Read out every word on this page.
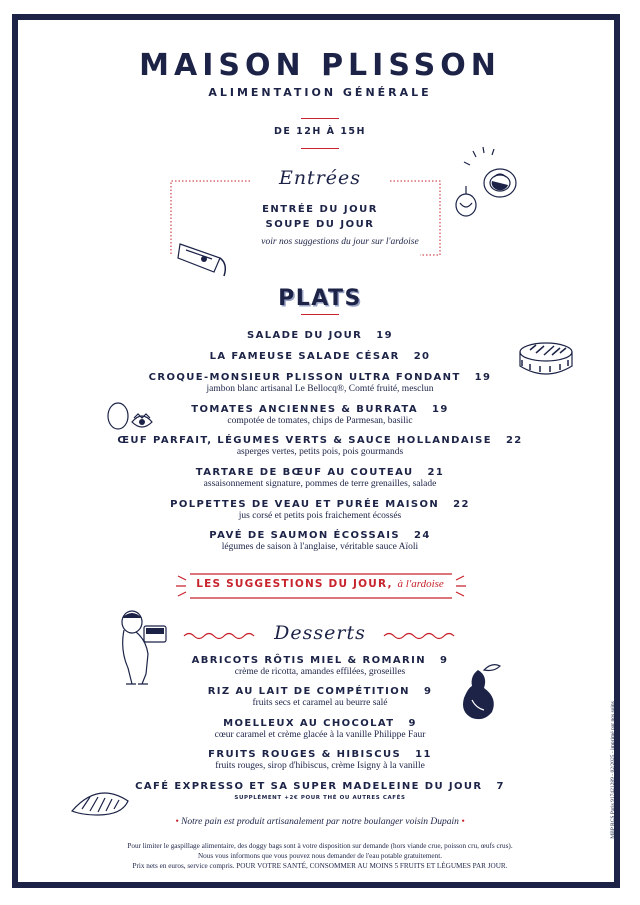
MAISON PLISSON
ALIMENTATION GÉNÉRALE
DE 12H À 15H
Entrées
ENTRÉE DU JOUR
SOUPE DU JOUR
voir nos suggestions du jour sur l'ardoise
PLATS
SALADE DU JOUR 19
LA FAMEUSE SALADE CÉSAR 20
CROQUE-MONSIEUR PLISSON ULTRA FONDANT 19
jambon blanc artisanal Le Bellocq®, Comté fruité, mesclun
TOMATES ANCIENNES & BURRATA 19
compotée de tomates, chips de Parmesan, basilic
ŒUF PARFAIT, LÉGUMES VERTS & SAUCE HOLLANDAISE 22
asperges vertes, petits pois, pois gourmands
TARTARE DE BŒUF AU COUTEAU 21
assaisonnement signature, pommes de terre grenailles, salade
POLPETTES DE VEAU ET PURÉE MAISON 22
jus corsé et petits pois fraichement écossés
PAVÉ DE SAUMON ÉCOSSAIS 24
légumes de saison à l'anglaise, véritable sauce Aïoli
LES SUGGESTIONS DU JOUR, à l'ardoise
Desserts
ABRICOTS RÔTIS MIEL & ROMARIN 9
crème de ricotta, amandes effilées, groseilles
RIZ AU LAIT DE COMPÉTITION 9
fruits secs et caramel au beurre salé
MOELLEUX AU CHOCOLAT 9
cœur caramel et crème glacée à la vanille Philippe Faur
FRUITS ROUGES & HIBISCUS 11
fruits rouges, sirop d'hibiscus, crème Isigny à la vanille
CAFÉ EXPRESSO ET SA SUPER MADELEINE DU JOUR 7
SUPPLÉMENT +2€ POUR THÉ OU AUTRES CAFÉS
• Notre pain est produit artisanalement par notre boulanger voisin Dupain •
Pour limiter le gaspillage alimentaire, des doggy bags sont à votre disposition sur demande (hors viande crue, poisson cru, œufs crus).
Nous vous informons que vous pouvez nous demander de l'eau potable gratuitement.
Prix nets en euros, service compris. POUR VOTRE SANTÉ, CONSOMMER AU MOINS 5 FRUITS ET LÉGUMES PAR JOUR.
MBP RCS Paris 917421289 - 02/2025 - imprimé par nos soins
